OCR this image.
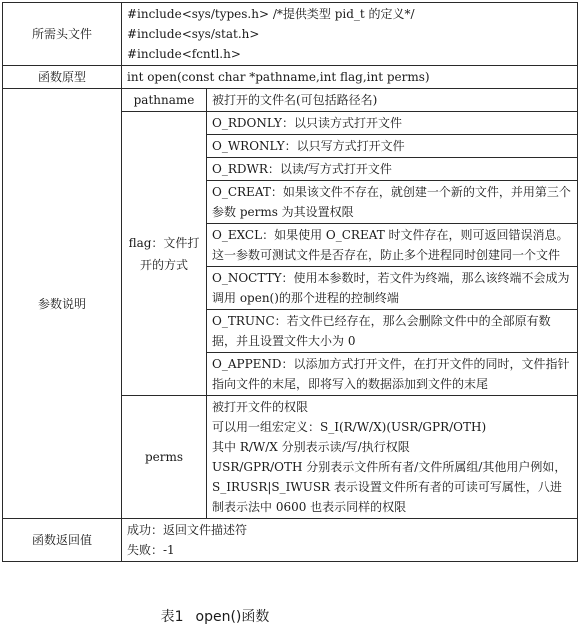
所需头文件	#include<sys/types.h> /*提供类型 pid_t 的定义*/
#include<sys/stat.h>
#include<fcntl.h>	

函数原型	int open(const char *pathname,int flag,int perms)	
参数说明	pathname	被打开的文件名(可包括路径名)
	flag：文件打开的方式	O_RDONLY：以只读方式打开文件
		O_WRONLY：以只写方式打开文件
		O_RDWR：以读/写方式打开文件
		O_CREAT：如果该文件不存在，就创建一个新的文件，并用第三个参数 perms 为其设置权限
		O_EXCL：如果使用 O_CREAT 时文件存在，则可返回错误消息。这一参数可测试文件是否存在，防止多个进程同时创建同一个文件
		O_NOCTTY：使用本参数时，若文件为终端，那么该终端不会成为调用 open()的那个进程的控制终端
		O_TRUNC：若文件已经存在，那么会删除文件中的全部原有数据，并且设置文件大小为 0
		O_APPEND：以添加方式打开文件，在打开文件的同时，文件指针指向文件的末尾，即将写入的数据添加到文件的末尾
	perms	被打开文件的权限
可以用一组宏定义：S_I(R/W/X)(USR/GPR/OTH)
其中 R/W/X 分别表示读/写/执行权限
USR/GPR/OTH 分别表示文件所有者/文件所属组/其他用户例如，S_IRUSR|S_IWUSR 表示设置文件所有者的可读可写属性，八进制表示法中 0600 也表示同样的权限

函数返回值	成功：返回文件描述符
失败：-1	
表1 open()函数
